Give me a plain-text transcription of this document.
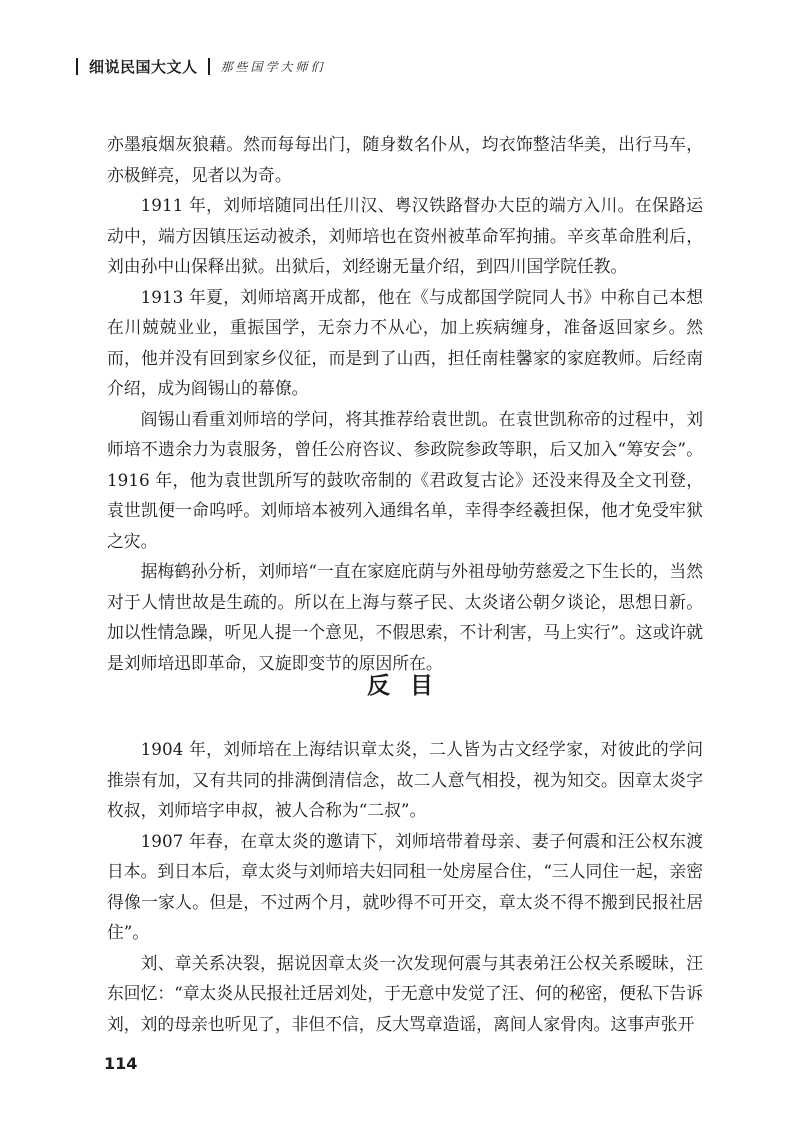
细说民国大文人 那些国学大师们

亦墨痕烟灰狼藉。然而每每出门，随身数名仆从，均衣饰整洁华美，出行马车，亦极鲜亮，见者以为奇。

1911 年，刘师培随同出任川汉、粤汉铁路督办大臣的端方入川。在保路运动中，端方因镇压运动被杀，刘师培也在资州被革命军拘捕。辛亥革命胜利后，刘由孙中山保释出狱。出狱后，刘经谢无量介绍，到四川国学院任教。

1913 年夏，刘师培离开成都，他在《与成都国学院同人书》中称自己本想在川兢兢业业，重振国学，无奈力不从心，加上疾病缠身，准备返回家乡。然而，他并没有回到家乡仪征，而是到了山西，担任南桂馨家的家庭教师。后经南介绍，成为阎锡山的幕僚。

阎锡山看重刘师培的学问，将其推荐给袁世凯。在袁世凯称帝的过程中，刘师培不遗余力为袁服务，曾任公府咨议、参政院参政等职，后又加入“筹安会”。1916 年，他为袁世凯所写的鼓吹帝制的《君政复古论》还没来得及全文刊登，袁世凯便一命呜呼。刘师培本被列入通缉名单，幸得李经羲担保，他才免受牢狱之灾。

据梅鹤孙分析，刘师培“一直在家庭庇荫与外祖母劬劳慈爱之下生长的，当然对于人情世故是生疏的。所以在上海与蔡孑民、太炎诸公朝夕谈论，思想日新。加以性情急躁，听见人提一个意见，不假思索，不计利害，马上实行”。这或许就是刘师培迅即革命，又旋即变节的原因所在。

反目

1904 年，刘师培在上海结识章太炎，二人皆为古文经学家，对彼此的学问推崇有加，又有共同的排满倒清信念，故二人意气相投，视为知交。因章太炎字枚叔，刘师培字申叔，被人合称为“二叔”。

1907 年春，在章太炎的邀请下，刘师培带着母亲、妻子何震和汪公权东渡日本。到日本后，章太炎与刘师培夫妇同租一处房屋合住，“三人同住一起，亲密得像一家人。但是，不过两个月，就吵得不可开交，章太炎不得不搬到民报社居住”。

刘、章关系决裂，据说因章太炎一次发现何震与其表弟汪公权关系暧昧，汪东回忆：“章太炎从民报社迁居刘处，于无意中发觉了汪、何的秘密，便私下告诉刘，刘的母亲也听见了，非但不信，反大骂章造谣，离间人家骨肉。这事声张开

114
